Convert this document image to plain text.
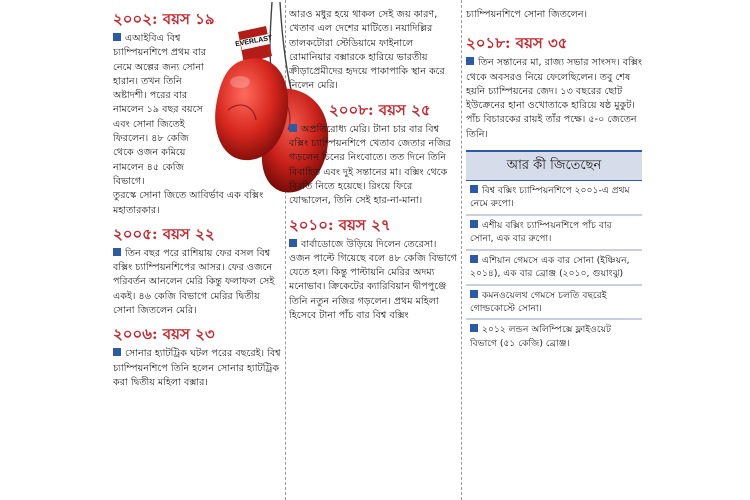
২০০২: বয়স ১৯

এআইবিএ বিশ্ব চ্যাম্পিয়নশিপে প্রথম বার নেমে অল্পের জন্য সোনা হারান। তখন তিনি অষ্টাদশী। পরের বার নামলেন ১৯ বছর বয়সে এবং সোনা জিতেই ফিরলেন। ৪৮ কেজি থেকে ওজন কমিয়ে নামলেন ৪৫ কেজি বিভাগে।

তুরস্কে সোনা জিতে আবির্ভাব এক বক্সিং মহাতারকার।

২০০৫: বয়স ২২

তিন বছর পরে রাশিয়ায় ফের বসল বিশ্ব বক্সিং চ্যাম্পিয়নশিপের আসর। ফের ওজনে পরিবর্তন আনলেন মেরি কিন্তু ফলাফল সেই একই। ৪৬ কেজি বিভাগে মেরির দ্বিতীয় সোনা জিতলেন মেরি।

২০০৬: বয়স ২৩

সোনার হ্যাটট্রিক ঘটল পরের বছরেই। বিশ্ব চ্যাম্পিয়নশিপে তিনি হলেন সোনার হ্যাটট্রিক করা দ্বিতীয় মহিলা বক্সার।

EVERLAST

আরও মধুর হয়ে থাকল সেই জয় কারণ, খেতাব এল দেশের মাটিতে। নয়াদিল্লির তালকটোরা স্টেডিয়ামে ফাইনালে রোমানিয়ার বক্সারকে হারিয়ে ভারতীয় ক্রীড়াপ্রেমীদের হৃদয়ে পাকাপাকি স্থান করে নিলেন মেরি।

২০০৮: বয়স ২৫

অপ্রতিরোধ্য মেরি। টানা চার বার বিশ্ব বক্সিং চ্যাম্পিয়নশিপে খেতাব জেতার নজির গড়লেন চিনের নিংবোতে। তত দিনে তিনি বিবাহিত এবং দুই সন্তানের মা। বক্সিং থেকে বিরতি নিতে হয়েছে। রিংয়ে ফিরে যোদ্ধালেন, তিনি সেই হার-না-মানা।

২০১০: বয়স ২৭

বার্বাডোজে উড়িয়ে দিলেন তেরেসা। ওজন পাল্টে গিয়েছে বলে ৪৮ কেজি বিভাগে যেতে হল। কিন্তু পাল্টায়নি মেরির অদম্য মনোভাব। ক্রিকেটের ক্যারিবিয়ান দ্বীপপুঞ্জে তিনি নতুন নজির গড়লেন। প্রথম মহিলা হিসেবে টানা পাঁচ বার বিশ্ব বক্সিং

চ্যাম্পিয়নশিপে সোনা জিতলেন।

২০১৮: বয়স ৩৫

তিন সন্তানের মা, রাজ্য সভার সাংসদ। বক্সিং থেকে অবসরও নিয়ে ফেলেছিলেন। তবু শেষ হয়নি চ্যাম্পিয়নের জেদ। ১৩ বছরের ছোট ইউক্রেনের হানা ওখোতাকে হারিয়ে ষষ্ঠ মুকুট। পাঁচ বিচারকের রায়ই তাঁর পক্ষে। ৫-০ জেতেন তিনি।

আর কী জিতেছেন
বিশ্ব বক্সিং চ্যাম্পিয়নশিপে ২০০১-এ প্রথম নেমে রুপো।
এশীয় বক্সিং চ্যাম্পিয়নশিপে পাঁচ বার সোনা, এক বার রুপো।
এশিয়ান গেমসে এক বার সোনা (ইঞ্চিয়ন, ২০১৪), এক বার ব্রোঞ্জ (২০১০, গুয়াংঝু)
কমনওয়েলথ গেমসে চলতি বছরেই গোল্ডকোস্টে সোনা।
২০১২ লন্ডন অলিম্পিক্সে ফ্লাইওয়েট বিভাগে (৫১ কেজি) ব্রোঞ্জ।
